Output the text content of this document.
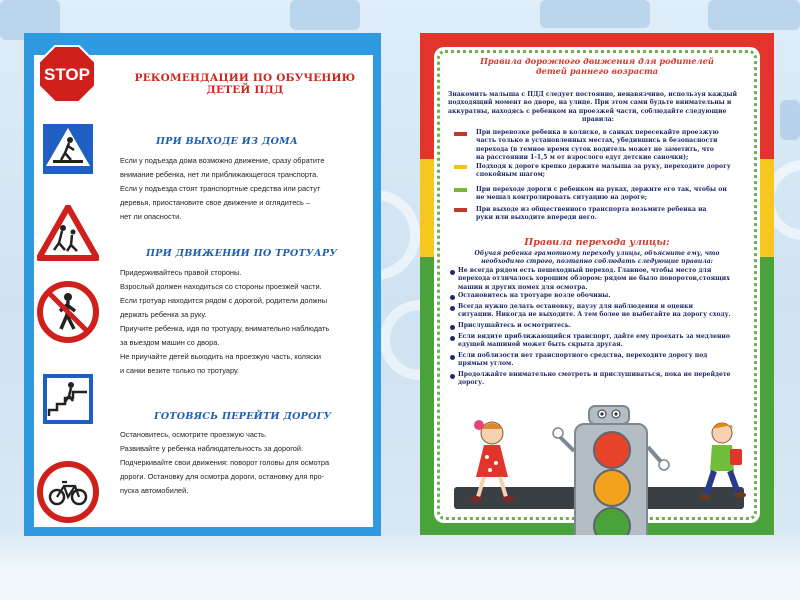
STOP	РЕКОМЕНДАЦИИ ПО ОБУЧЕНИЮ
ДЕТЕЙ ПДД
ПРИ ВЫХОДЕ ИЗ ДОМА
Если у подъезда дома возможно движение, сразу обратите
внимание ребенка, нет ли приближающегося транспорта.
Если у подъезда стоят транспортные средства или растут
деревья, приостановите свое движение и оглядитесь –
нет ли опасности.
ПРИ ДВИЖЕНИИ ПО ТРОТУАРУ
Придерживайтесь правой стороны.
Взрослый должен находиться со стороны проезжей части.
Если тротуар находится рядом с дорогой, родители должны
держать ребенка за руку.
Приучите ребенка, идя по тротуару, внимательно наблюдать
за выездом машин со двора.
Не приучайте детей выходить на проезжую часть, коляски
и санки везите только по тротуару.
ГОТОВЯСЬ ПЕРЕЙТИ ДОРОГУ
Остановитесь, осмотрите проезжую часть.
Развивайте у ребенка наблюдательность за дорогой.
Подчеркивайте свои движения: поворот головы для осмотра
дороги. Остановку для осмотра дороги, остановку для про-
пуска автомобилей.
Правила дорожного движения для родителей
детей раннего возраста
Знакомить малыша с ПДД следует постоянно, ненавязчиво, используя каждый
подходящий момент во дворе, на улице. При этом сами будьте внимательны и
аккуратны, находясь с ребенком на проезжей части, соблюдайте следующие
правила:
При перевозке ребенка в коляске, в санках пересекайте проезжую
часть только в установленных местах, убедившись в безопасности
перехода (в темное время суток водитель может не заметить, что
на расстоянии 1-1,5 м от взрослого едут детские саночки);
Подходя к дороге крепко держите малыша за руку, переходите дорогу
спокойным шагом;
При переходе дороги с ребенком на руках, держите его так, чтобы он
не мешал контролировать ситуацию на дороге;
При выходе из общественного транспорта возьмите ребенка на
руки или выходите впереди него.
Правила перехода улицы:
Обучая ребенка грамотному переходу улицы, объясните ему, что
необходимо строго, поэтапно соблюдать следующие правила:
Не всегда рядом есть пешеходный переход. Главное, чтобы место для
перехода отличалось хорошим обзором: рядом не было поворотов,стоящих
машин и других помех для осмотра.
Остановитесь на тротуаре возле обочины.
Всегда нужно делать остановку, паузу для наблюдения и оценки
ситуации. Никогда не выходите. А тем более не выбегайте на дорогу сходу.
Прислушайтесь и осмотритесь.
Если видите приближающийся транспорт, дайте ему проехать за медленно
едущей машиной может быть скрыта другая.
Если поблизости нет транспортного средства, переходите дорогу под
прямым углом.
Продолжайте внимательно смотреть и прислушиваться, пока не перейдете
дорогу.
